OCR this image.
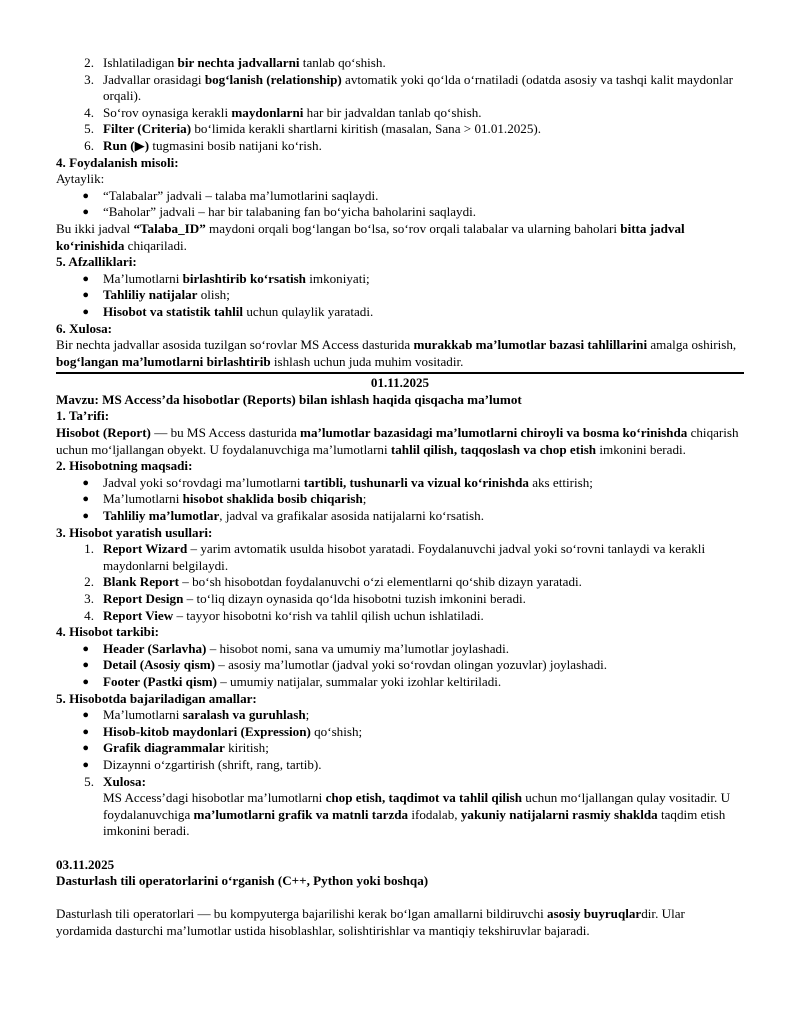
2. Ishlatiladigan bir nechta jadvallarni tanlab qo‘shish.
3. Jadvallar orasidagi bog‘lanish (relationship) avtomatik yoki qo‘lda o‘rnatiladi (odatda asosiy va tashqi kalit maydonlar orqali).
4. So‘rov oynasiga kerakli maydonlarni har bir jadvaldan tanlab qo‘shish.
5. Filter (Criteria) bo‘limida kerakli shartlarni kiritish (masalan, Sana > 01.01.2025).
6. Run (▶) tugmasini bosib natijani ko‘rish.
4. Foydalanish misoli:
Aytaylik:
●	“Talabalar” jadvali – talaba ma’lumotlarini saqlaydi.
●	“Baholar” jadvali – har bir talabaning fan bo‘yicha baholarini saqlaydi.
Bu ikki jadval “Talaba_ID” maydoni orqali bog‘langan bo‘lsa, so‘rov orqali talabalar va ularning baholari bitta jadval ko‘rinishida chiqariladi.
5. Afzalliklari:
●	Ma’lumotlarni birlashtirib ko‘rsatish imkoniyati;
●	Tahliliy natijalar olish;
●	Hisobot va statistik tahlil uchun qulaylik yaratadi.
6. Xulosa:
Bir nechta jadvallar asosida tuzilgan so‘rovlar MS Access dasturida murakkab ma’lumotlar bazasi tahlillarini amalga oshirish, bog‘langan ma’lumotlarni birlashtirib ishlash uchun juda muhim vositadir.
01.11.2025
Mavzu: MS Access’da hisobotlar (Reports) bilan ishlash haqida qisqacha ma’lumot
1. Ta’rifi:
Hisobot (Report) — bu MS Access dasturida ma’lumotlar bazasidagi ma’lumotlarni chiroyli va bosma ko‘rinishda chiqarish uchun mo‘ljallangan obyekt. U foydalanuvchiga ma’lumotlarni tahlil qilish, taqqoslash va chop etish imkonini beradi.
2. Hisobotning maqsadi:
●	Jadval yoki so‘rovdagi ma’lumotlarni tartibli, tushunarli va vizual ko‘rinishda aks ettirish;
●	Ma’lumotlarni hisobot shaklida bosib chiqarish;
●	Tahliliy ma’lumotlar, jadval va grafikalar asosida natijalarni ko‘rsatish.
3. Hisobot yaratish usullari:
1. Report Wizard – yarim avtomatik usulda hisobot yaratadi. Foydalanuvchi jadval yoki so‘rovni tanlaydi va kerakli maydonlarni belgilaydi.
2. Blank Report – bo‘sh hisobotdan foydalanuvchi o‘zi elementlarni qo‘shib dizayn yaratadi.
3. Report Design – to‘liq dizayn oynasida qo‘lda hisobotni tuzish imkonini beradi.
4. Report View – tayyor hisobotni ko‘rish va tahlil qilish uchun ishlatiladi.
4. Hisobot tarkibi:
●	Header (Sarlavha) – hisobot nomi, sana va umumiy ma’lumotlar joylashadi.
●	Detail (Asosiy qism) – asosiy ma’lumotlar (jadval yoki so‘rovdan olingan yozuvlar) joylashadi.
●	Footer (Pastki qism) – umumiy natijalar, summalar yoki izohlar keltiriladi.
5. Hisobotda bajariladigan amallar:
●	Ma’lumotlarni saralash va guruhlash;
●	Hisob-kitob maydonlari (Expression) qo‘shish;
●	Grafik diagrammalar kiritish;
●	Dizaynni o‘zgartirish (shrift, rang, tartib).
5. Xulosa:
MS Access’dagi hisobotlar ma’lumotlarni chop etish, taqdimot va tahlil qilish uchun mo‘ljallangan qulay vositadir. U foydalanuvchiga ma’lumotlarni grafik va matnli tarzda ifodalab, yakuniy natijalarni rasmiy shaklda taqdim etish imkonini beradi.
03.11.2025
Dasturlash tili operatorlarini o‘rganish (C++, Python yoki boshqa)
Dasturlash tili operatorlari — bu kompyuterga bajarilishi kerak bo‘lgan amallarni bildiruvchi asosiy buyruqlardir. Ular yordamida dasturchi ma’lumotlar ustida hisoblashlar, solishtirishlar va mantiqiy tekshiruvlar bajaradi.
